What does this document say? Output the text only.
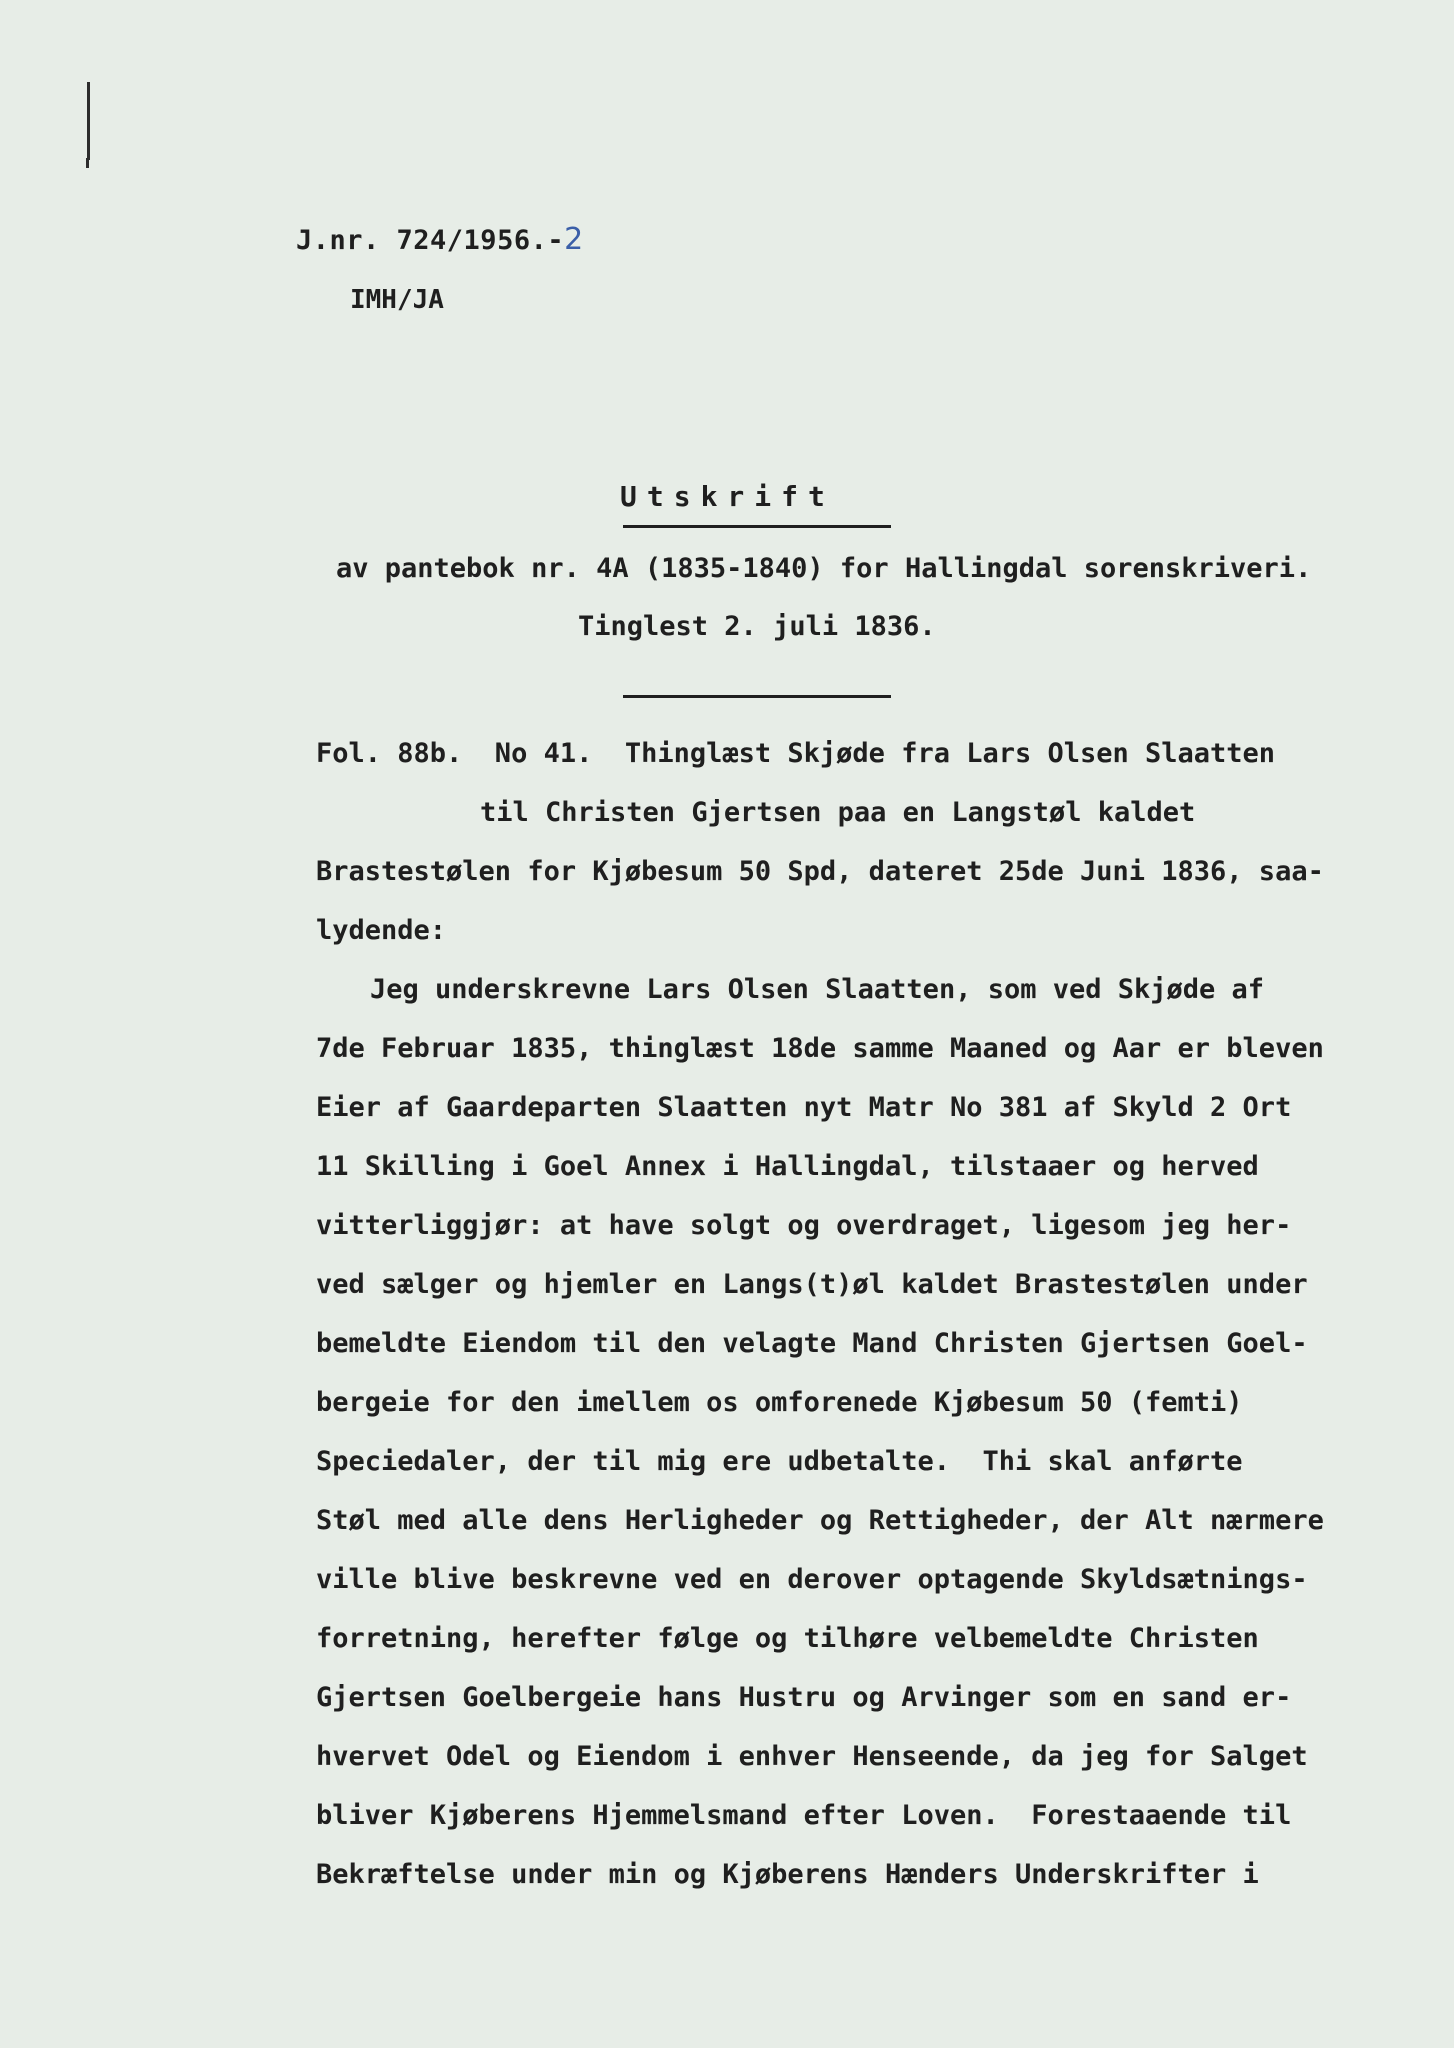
J.nr. 724/1956.-2
IMH/JA
Utskrift
av pantebok nr. 4A (1835-1840) for Hallingdal sorenskriveri.
Tinglest 2. juli 1836.
Fol. 88b.  No 41.  Thinglæst Skjøde fra Lars Olsen Slaatten
til Christen Gjertsen paa en Langstøl kaldet
Brastestølen for Kjøbesum 50 Spd, dateret 25de Juni 1836, saa-
lydende:
Jeg underskrevne Lars Olsen Slaatten, som ved Skjøde af
7de Februar 1835, thinglæst 18de samme Maaned og Aar er bleven
Eier af Gaardeparten Slaatten nyt Matr No 381 af Skyld 2 Ort
11 Skilling i Goel Annex i Hallingdal, tilstaaer og herved
vitterliggjør: at have solgt og overdraget, ligesom jeg her-
ved sælger og hjemler en Langs(t)øl kaldet Brastestølen under
bemeldte Eiendom til den velagte Mand Christen Gjertsen Goel-
bergeie for den imellem os omforenede Kjøbesum 50 (femti)
Speciedaler, der til mig ere udbetalte.  Thi skal anførte
Støl med alle dens Herligheder og Rettigheder, der Alt nærmere
ville blive beskrevne ved en derover optagende Skyldsætnings-
forretning, herefter følge og tilhøre velbemeldte Christen
Gjertsen Goelbergeie hans Hustru og Arvinger som en sand er-
hvervet Odel og Eiendom i enhver Henseende, da jeg for Salget
bliver Kjøberens Hjemmelsmand efter Loven.  Forestaaende til
Bekræftelse under min og Kjøberens Hænders Underskrifter i
